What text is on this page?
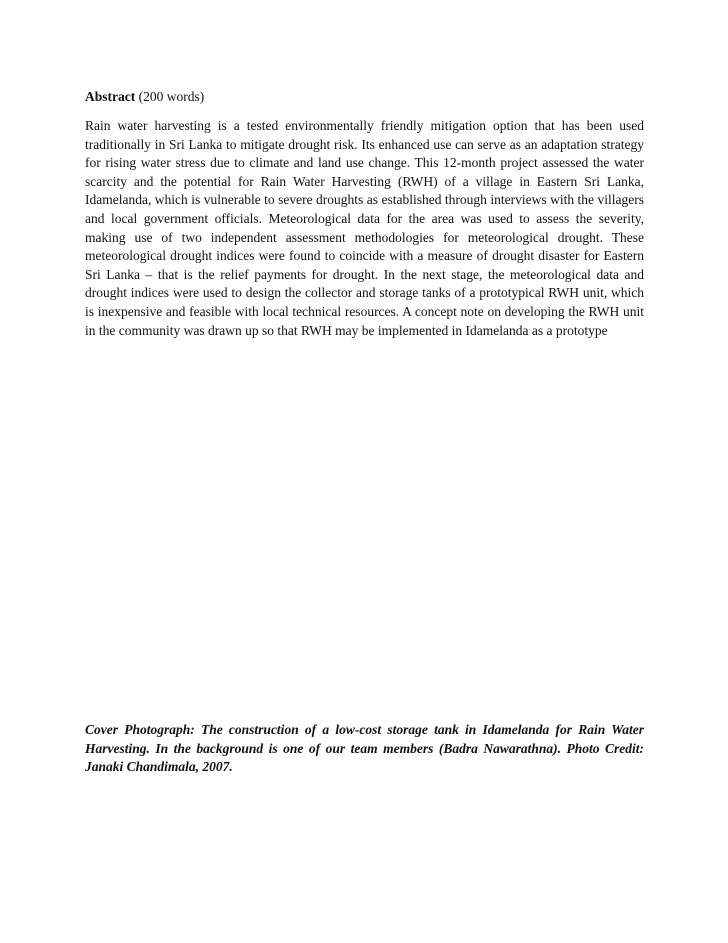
Abstract (200 words)

Rain water harvesting is a tested environmentally friendly mitigation option that has been used traditionally in Sri Lanka to mitigate drought risk. Its enhanced use can serve as an adaptation strategy for rising water stress due to climate and land use change. This 12-month project assessed the water scarcity and the potential for Rain Water Harvesting (RWH) of a village in Eastern Sri Lanka, Idamelanda, which is vulnerable to severe droughts as established through interviews with the villagers and local government officials. Meteorological data for the area was used to assess the severity, making use of two independent assessment methodologies for meteorological drought. These meteorological drought indices were found to coincide with a measure of drought disaster for Eastern Sri Lanka – that is the relief payments for drought. In the next stage, the meteorological data and drought indices were used to design the collector and storage tanks of a prototypical RWH unit, which is inexpensive and feasible with local technical resources. A concept note on developing the RWH unit in the community was drawn up so that RWH may be implemented in Idamelanda as a prototype

Cover Photograph: The construction of a low-cost storage tank in Idamelanda for Rain Water Harvesting. In the background is one of our team members (Badra Nawarathna). Photo Credit: Janaki Chandimala, 2007.
